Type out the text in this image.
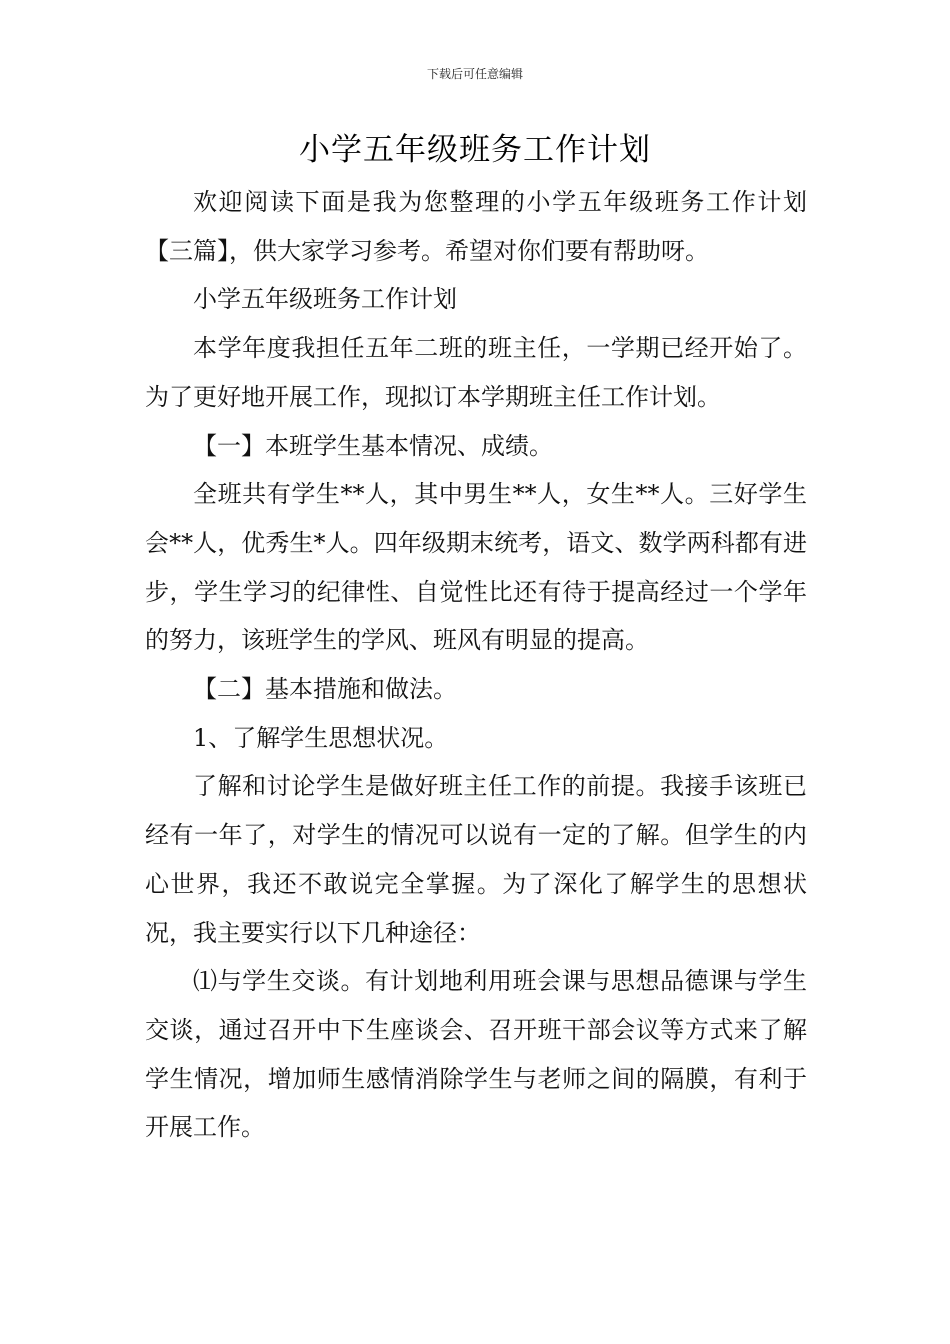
下载后可任意编辑
小学五年级班务工作计划

欢迎阅读下面是我为您整理的小学五年级班务工作计划【三篇】，供大家学习参考。希望对你们要有帮助呀。

小学五年级班务工作计划

本学年度我担任五年二班的班主任，一学期已经开始了。为了更好地开展工作，现拟订本学期班主任工作计划。

【一】本班学生基本情况、成绩。

全班共有学生**人，其中男生**人，女生**人。三好学生会**人，优秀生*人。四年级期末统考，语文、数学两科都有进步，学生学习的纪律性、自觉性比还有待于提高经过一个学年的努力，该班学生的学风、班风有明显的提高。

【二】基本措施和做法。

1、了解学生思想状况。

了解和讨论学生是做好班主任工作的前提。我接手该班已经有一年了，对学生的情况可以说有一定的了解。但学生的内心世界，我还不敢说完全掌握。为了深化了解学生的思想状况，我主要实行以下几种途径：

⑴与学生交谈。有计划地利用班会课与思想品德课与学生交谈，通过召开中下生座谈会、召开班干部会议等方式来了解学生情况，增加师生感情消除学生与老师之间的隔膜，有利于开展工作。
